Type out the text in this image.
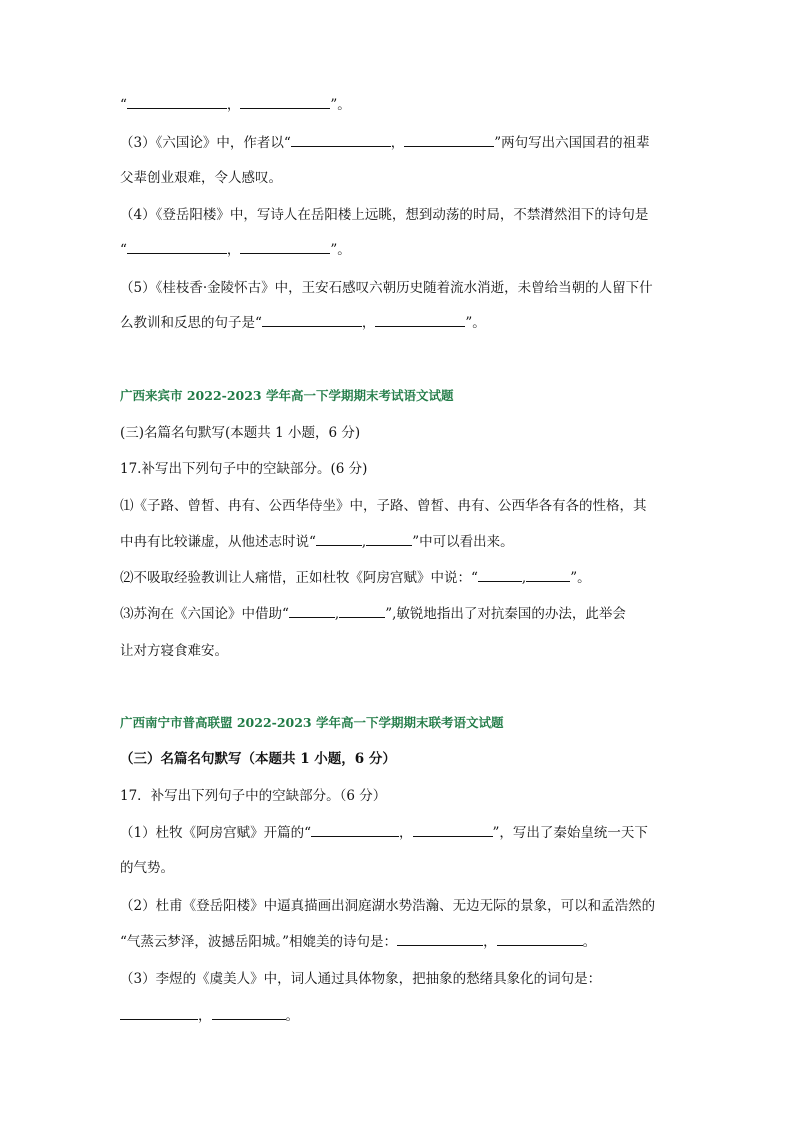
“	，	”。
（3）《六国论》中，作者以“	，	”两句写出六国国君的祖辈
父辈创业艰难，令人感叹。
（4）《登岳阳楼》中，写诗人在岳阳楼上远眺，想到动荡的时局，不禁潸然泪下的诗句是
“	，	”。
（5）《桂枝香·金陵怀古》中，王安石感叹六朝历史随着流水消逝，未曾给当朝的人留下什
么教训和反思的句子是“	，	”。
广西来宾市 2022-2023 学年高一下学期期末考试语文试题
(三)名篇名句默写(本题共 1 小题，6 分)
17.补写出下列句子中的空缺部分。(6 分)
⑴《子路、曾皙、冉有、公西华侍坐》中，子路、曾皙、冉有、公西华各有各的性格，其
中冉有比较谦虚，从他述志时说“	,	”中可以看出来。
⑵不吸取经验教训让人痛惜，正如杜牧《阿房宫赋》中说：“	,	”。
⑶苏洵在《六国论》中借助“	,	”,敏锐地指出了对抗秦国的办法，此举会
让对方寝食难安。
广西南宁市普高联盟 2022-2023 学年高一下学期期末联考语文试题
（三）名篇名句默写（本题共 1 小题，6 分）
17．补写出下列句子中的空缺部分。（6 分）
（1）杜牧《阿房宫赋》开篇的“	，	”，写出了秦始皇统一天下
的气势。
（2）杜甫《登岳阳楼》中逼真描画出洞庭湖水势浩瀚、无边无际的景象，可以和孟浩然的
“气蒸云梦泽，波撼岳阳城。”相媲美的诗句是：	，	。
（3）李煜的《虞美人》中，词人通过具体物象，把抽象的愁绪具象化的词句是：
，	。
